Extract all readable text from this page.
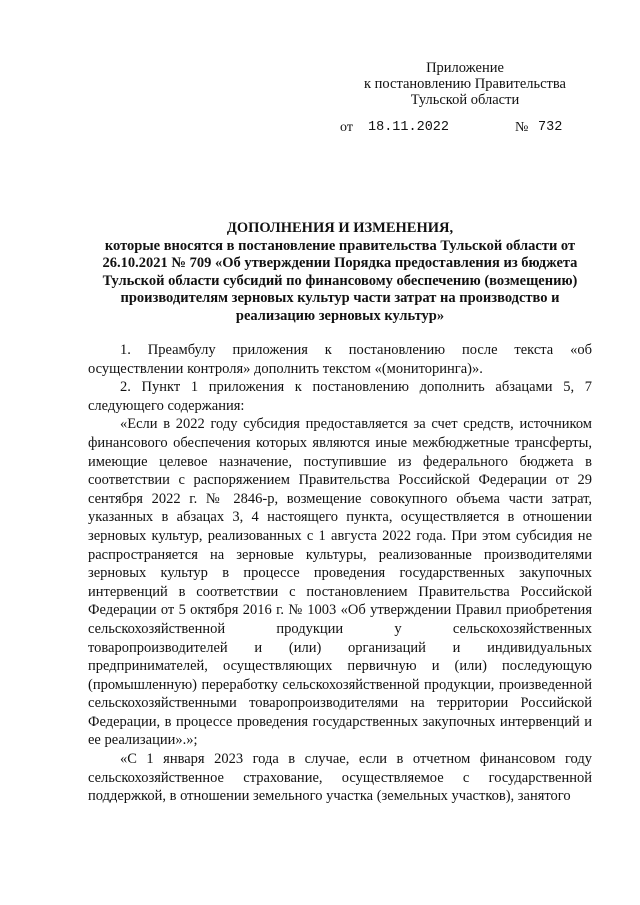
Приложение
к постановлению Правительства
Тульской области
от 18.11.2022	№ 732
ДОПОЛНЕНИЯ И ИЗМЕНЕНИЯ,
которые вносятся в постановление правительства Тульской области от 26.10.2021 № 709 «Об утверждении Порядка предоставления из бюджета Тульской области субсидий по финансовому обеспечению (возмещению) производителям зерновых культур части затрат на производство и реализацию зерновых культур»

1. Преамбулу приложения к постановлению после текста «об осуществлении контроля» дополнить текстом «(мониторинга)».

2. Пункт 1 приложения к постановлению дополнить абзацами 5, 7 следующего содержания:

«Если в 2022 году субсидия предоставляется за счет средств, источником финансового обеспечения которых являются иные межбюджетные трансферты, имеющие целевое назначение, поступившие из федерального бюджета в соответствии с распоряжением Правительства Российской Федерации от 29 сентября 2022 г. № 2846-р, возмещение совокупного объема части затрат, указанных в абзацах 3, 4 настоящего пункта, осуществляется в отношении зерновых культур, реализованных с 1 августа 2022 года. При этом субсидия не распространяется на зерновые культуры, реализованные производителями зерновых культур в процессе проведения государственных закупочных интервенций в соответствии с постановлением Правительства Российской Федерации от 5 октября 2016 г. № 1003 «Об утверждении Правил приобретения сельскохозяйственной продукции у сельскохозяйственных товаропроизводителей и (или) организаций и индивидуальных предпринимателей, осуществляющих первичную и (или) последующую (промышленную) переработку сельскохозяйственной продукции, произведенной сельскохозяйственными товаропроизводителями на территории Российской Федерации, в процессе проведения государственных закупочных интервенций и ее реализации».»;

«С 1 января 2023 года в случае, если в отчетном финансовом году сельскохозяйственное страхование, осуществляемое с государственной поддержкой, в отношении земельного участка (земельных участков), занятого
